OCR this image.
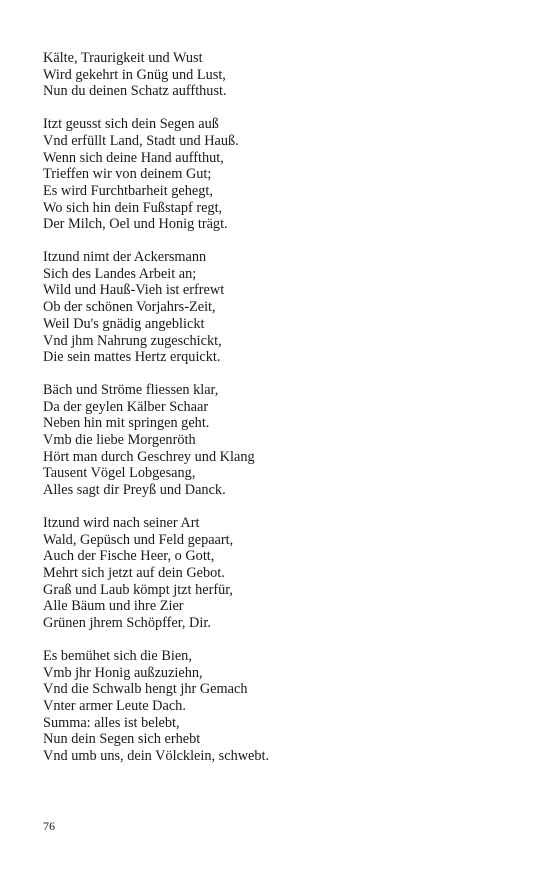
Kälte, Traurigkeit und Wust
Wird gekehrt in Gnüg und Lust,
Nun du deinen Schatz auffthust.
Itzt geusst sich dein Segen auß
Vnd erfüllt Land, Stadt und Hauß.
Wenn sich deine Hand auffthut,
Trieffen wir von deinem Gut;
Es wird Furchtbarheit gehegt,
Wo sich hin dein Fußstapf regt,
Der Milch, Oel und Honig trägt.
Itzund nimt der Ackersmann
Sich des Landes Arbeit an;
Wild und Hauß-Vieh ist erfrewt
Ob der schönen Vorjahrs-Zeit,
Weil Du's gnädig angeblickt
Vnd jhm Nahrung zugeschickt,
Die sein mattes Hertz erquickt.
Bäch und Ströme fliessen klar,
Da der geylen Kälber Schaar
Neben hin mit springen geht.
Vmb die liebe Morgenröth
Hört man durch Geschrey und Klang
Tausent Vögel Lobgesang,
Alles sagt dir Preyß und Danck.
Itzund wird nach seiner Art
Wald, Gepüsch und Feld gepaart,
Auch der Fische Heer, o Gott,
Mehrt sich jetzt auf dein Gebot.
Graß und Laub kömpt jtzt herfür,
Alle Bäum und ihre Zier
Grünen jhrem Schöpffer, Dir.
Es bemühet sich die Bien,
Vmb jhr Honig außzuziehn,
Vnd die Schwalb hengt jhr Gemach
Vnter armer Leute Dach.
Summa: alles ist belebt,
Nun dein Segen sich erhebt
Vnd umb uns, dein Völcklein, schwebt.
76
